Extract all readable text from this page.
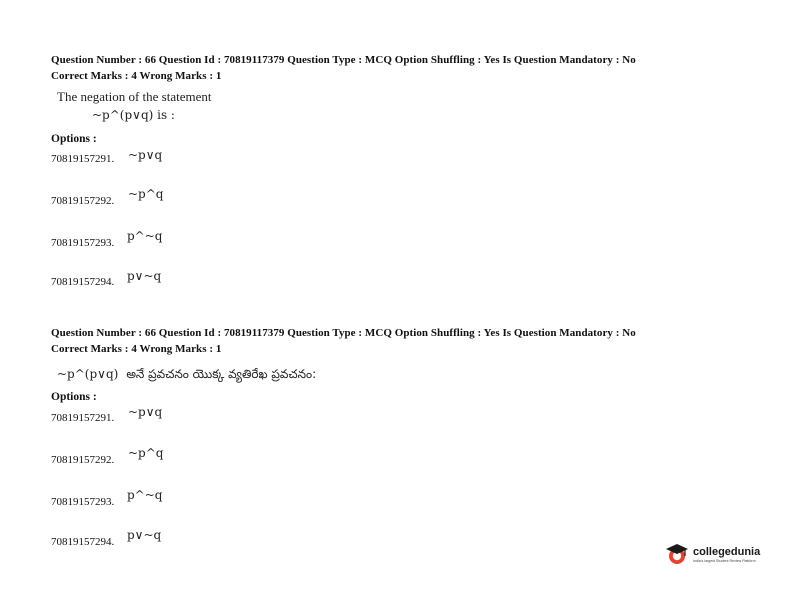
Question Number : 66 Question Id : 70819117379 Question Type : MCQ Option Shuffling : Yes Is Question Mandatory : No
Correct Marks : 4 Wrong Marks : 1
The negation of the statement
~p^(p∨q) is :
Options :
70819157291. ~p∨q
70819157292. ~p^q
70819157293. p^~q
70819157294. p∨~q
Question Number : 66 Question Id : 70819117379 Question Type : MCQ Option Shuffling : Yes Is Question Mandatory : No
Correct Marks : 4 Wrong Marks : 1
~p^(p∨q) అనే ప్రవచనం యొక్క వ్యతిరేఖ ప్రవచనం:
Options :
70819157291. ~p∨q
70819157292. ~p^q
70819157293. p^~q
70819157294. p∨~q
collegedunia
India's largest Student Review Platform
